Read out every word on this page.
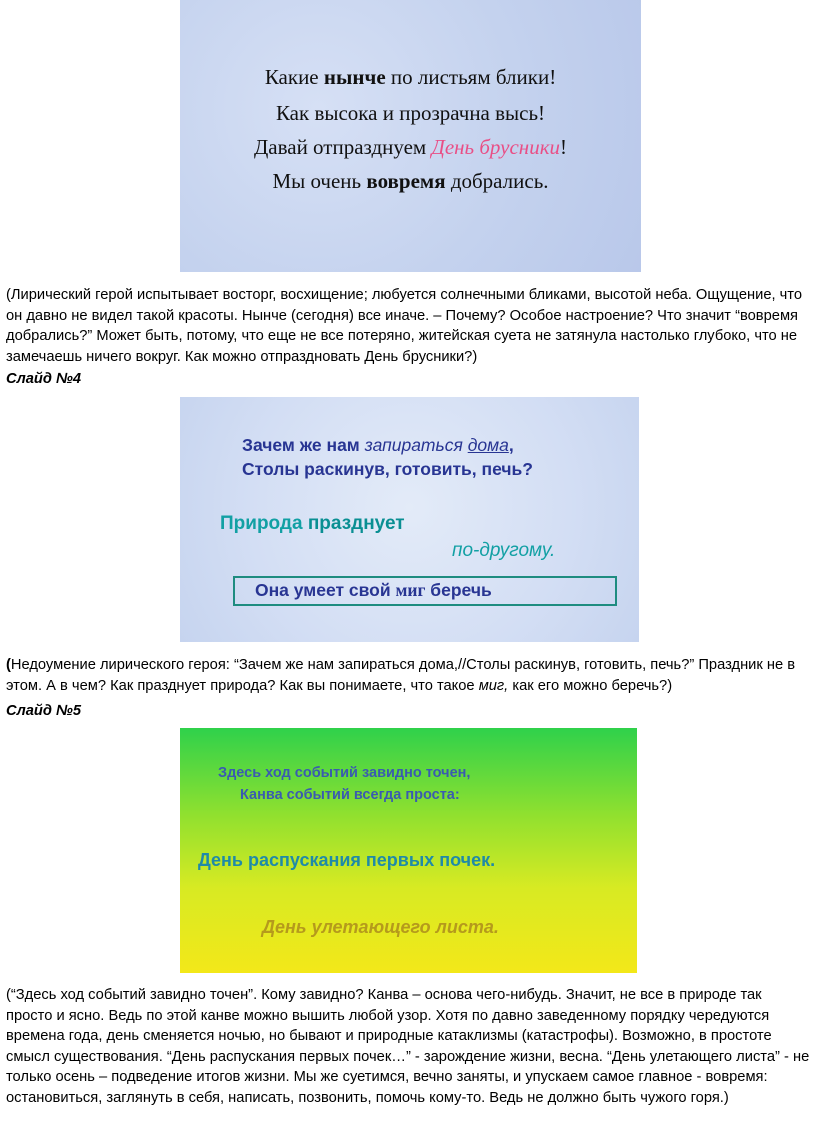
Какие нынче по листьям блики!
Как высока и прозрачна высь!
Давай отпразднуем День брусники!
Мы очень вовремя добрались.

(Лирический герой испытывает восторг, восхищение; любуется солнечными бликами, высотой неба. Ощущение, что он давно не видел такой красоты. Нынче (сегодня) все иначе. – Почему? Особое настроение? Что значит “вовремя добрались?” Может быть, потому, что еще не все потеряно, житейская суета не затянула настолько глубоко, что не замечаешь ничего вокруг. Как можно отпраздновать День брусники?)

Слайд №4

Зачем же нам запираться дома,
Столы раскинув, готовить, печь?
Природа празднует
по-другому.
Она умеет свой миг беречь

(Недоумение лирического героя: “Зачем же нам запираться дома,//Столы раскинув, готовить, печь?” Праздник не в этом. А в чем? Как празднует природа? Как вы понимаете, что такое миг, как его можно беречь?)

Слайд №5

Здесь ход событий завидно точен,
Канва событий всегда проста:
День распускания первых почек.
День улетающего листа.

(“Здесь ход событий завидно точен”. Кому завидно? Канва – основа чего-нибудь. Значит, не все в природе так просто и ясно. Ведь по этой канве можно вышить любой узор. Хотя по давно заведенному порядку чередуются времена года, день сменяется ночью, но бывают и природные катаклизмы (катастрофы). Возможно, в простоте смысл существования. “День распускания первых почек…” - зарождение жизни, весна. “День улетающего листа” - не только осень – подведение итогов жизни. Мы же суетимся, вечно заняты, и упускаем самое главное - вовремя: остановиться, заглянуть в себя, написать, позвонить, помочь кому-то. Ведь не должно быть чужого горя.)
